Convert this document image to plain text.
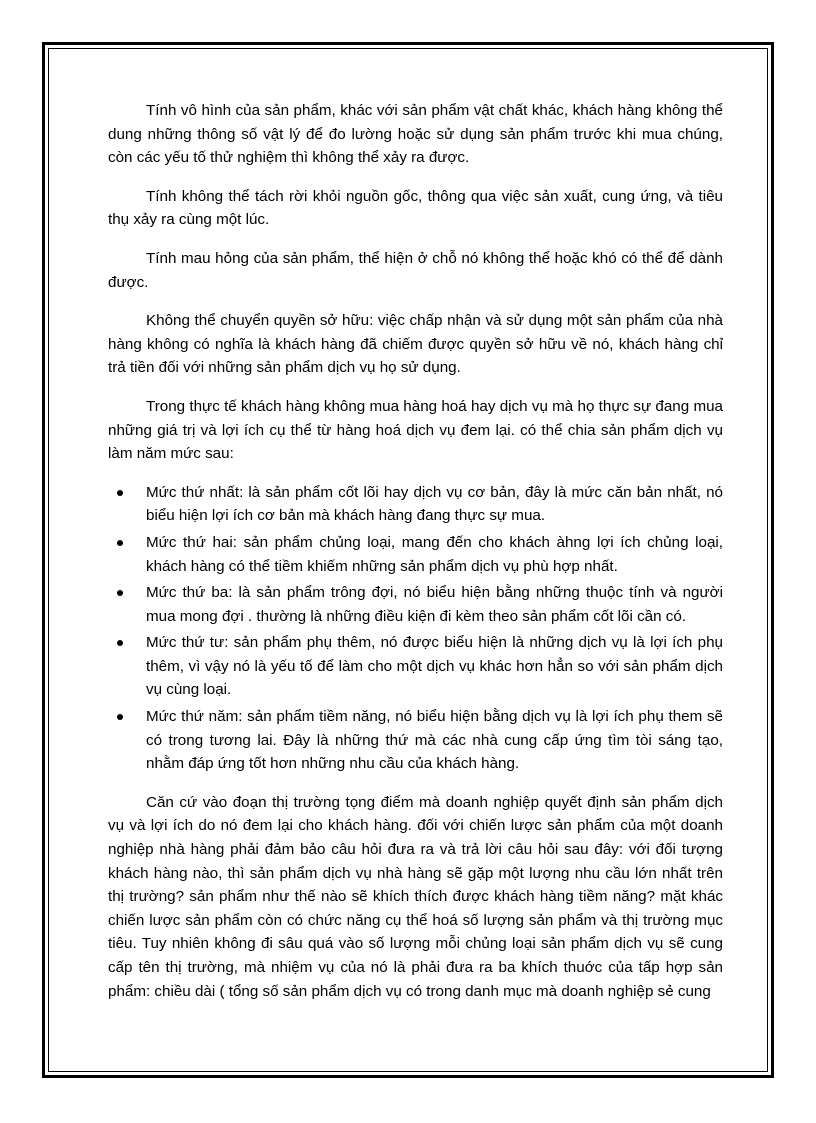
Tính vô hình của sản phẩm, khác với sản phẩm vật chất khác, khách hàng không thể dung những thông số vật lý để đo lường hoặc sử dụng sản phẩm trước khi mua chúng, còn các yếu tố thử nghiệm thì không thể xảy ra được.

Tính không thể tách rời khỏi nguồn gốc, thông qua việc sản xuất, cung ứng, và tiêu thụ xảy ra cùng một lúc.

Tính mau hỏng của sản phẩm, thể hiện ở chỗ nó không thể hoặc khó có thể để dành được.

Không thể chuyển quyền sở hữu: việc chấp nhận và sử dụng một sản phẩm của nhà hàng không có nghĩa là khách hàng đã chiếm được quyền sở hữu về nó, khách hàng chỉ trả tiền đối với những sản phẩm dịch vụ họ sử dụng.

Trong thực tế khách hàng không mua hàng hoá hay dịch vụ mà họ thực sự đang mua những giá trị và lợi ích cụ thể từ hàng hoá dịch vụ đem lại. có thể chia sản phẩm dịch vụ làm năm mức sau:

Mức thứ nhất: là sản phẩm cốt lõi hay dịch vụ cơ bản, đây là mức căn bản nhất, nó biểu hiện lợi ích cơ bản mà khách hàng đang thực sự mua.
Mức thứ hai: sản phẩm chủng loại, mang đến cho khách àhng lợi ích chủng loại, khách hàng có thể tiềm khiếm những sản phẩm dịch vụ phù hợp nhất.
Mức thứ ba: là sản phẩm trông đợi, nó biểu hiện bằng những thuộc tính và người mua mong đợi . thường là những điều kiện đi kèm theo sản phẩm cốt lõi cần có.
Mức thứ tư: sản phẩm phụ thêm, nó được biểu hiện là những dịch vụ là lợi ích phụ thêm, vì vậy nó là yếu tố để làm cho một dịch vụ khác hơn hẳn so với sản phẩm dịch vụ cùng loại.
Mức thứ năm: sản phẩm tiềm năng, nó biểu hiện bằng dịch vụ là lợi ích phụ them sẽ có trong tương lai. Đây là những thứ mà các nhà cung cấp ứng tìm tòi sáng tạo, nhằm đáp ứng tốt hơn những nhu cầu của khách hàng.

Căn cứ vào đoạn thị trường tọng điểm mà doanh nghiệp quyết định sản phẩm dịch vụ và lợi ích do nó đem lại cho khách hàng. đối với chiến lược sản phẩm của một doanh nghiệp nhà hàng phải đảm bảo câu hỏi đưa ra và trả lời câu hỏi sau đây: với đối tượng khách hàng nào, thì sản phẩm dịch vụ nhà hàng sẽ gặp một lượng nhu cầu lớn nhất trên thị trường? sản phẩm như thế nào sẽ khích thích được khách hàng tiềm năng? mặt khác chiến lược sản phẩm còn có chức năng cụ thể hoá số lượng sản phẩm và thị trường mục tiêu. Tuy nhiên không đi sâu quá vào số lượng mỗi chủng loại sản phẩm dịch vụ sẽ cung cấp tên thị trường, mà nhiệm vụ của nó là phải đưa ra ba khích thuớc của tấp hợp sản phẩm: chiều dài ( tổng số sản phẩm dịch vụ có trong danh mục mà doanh nghiệp sẻ cung
